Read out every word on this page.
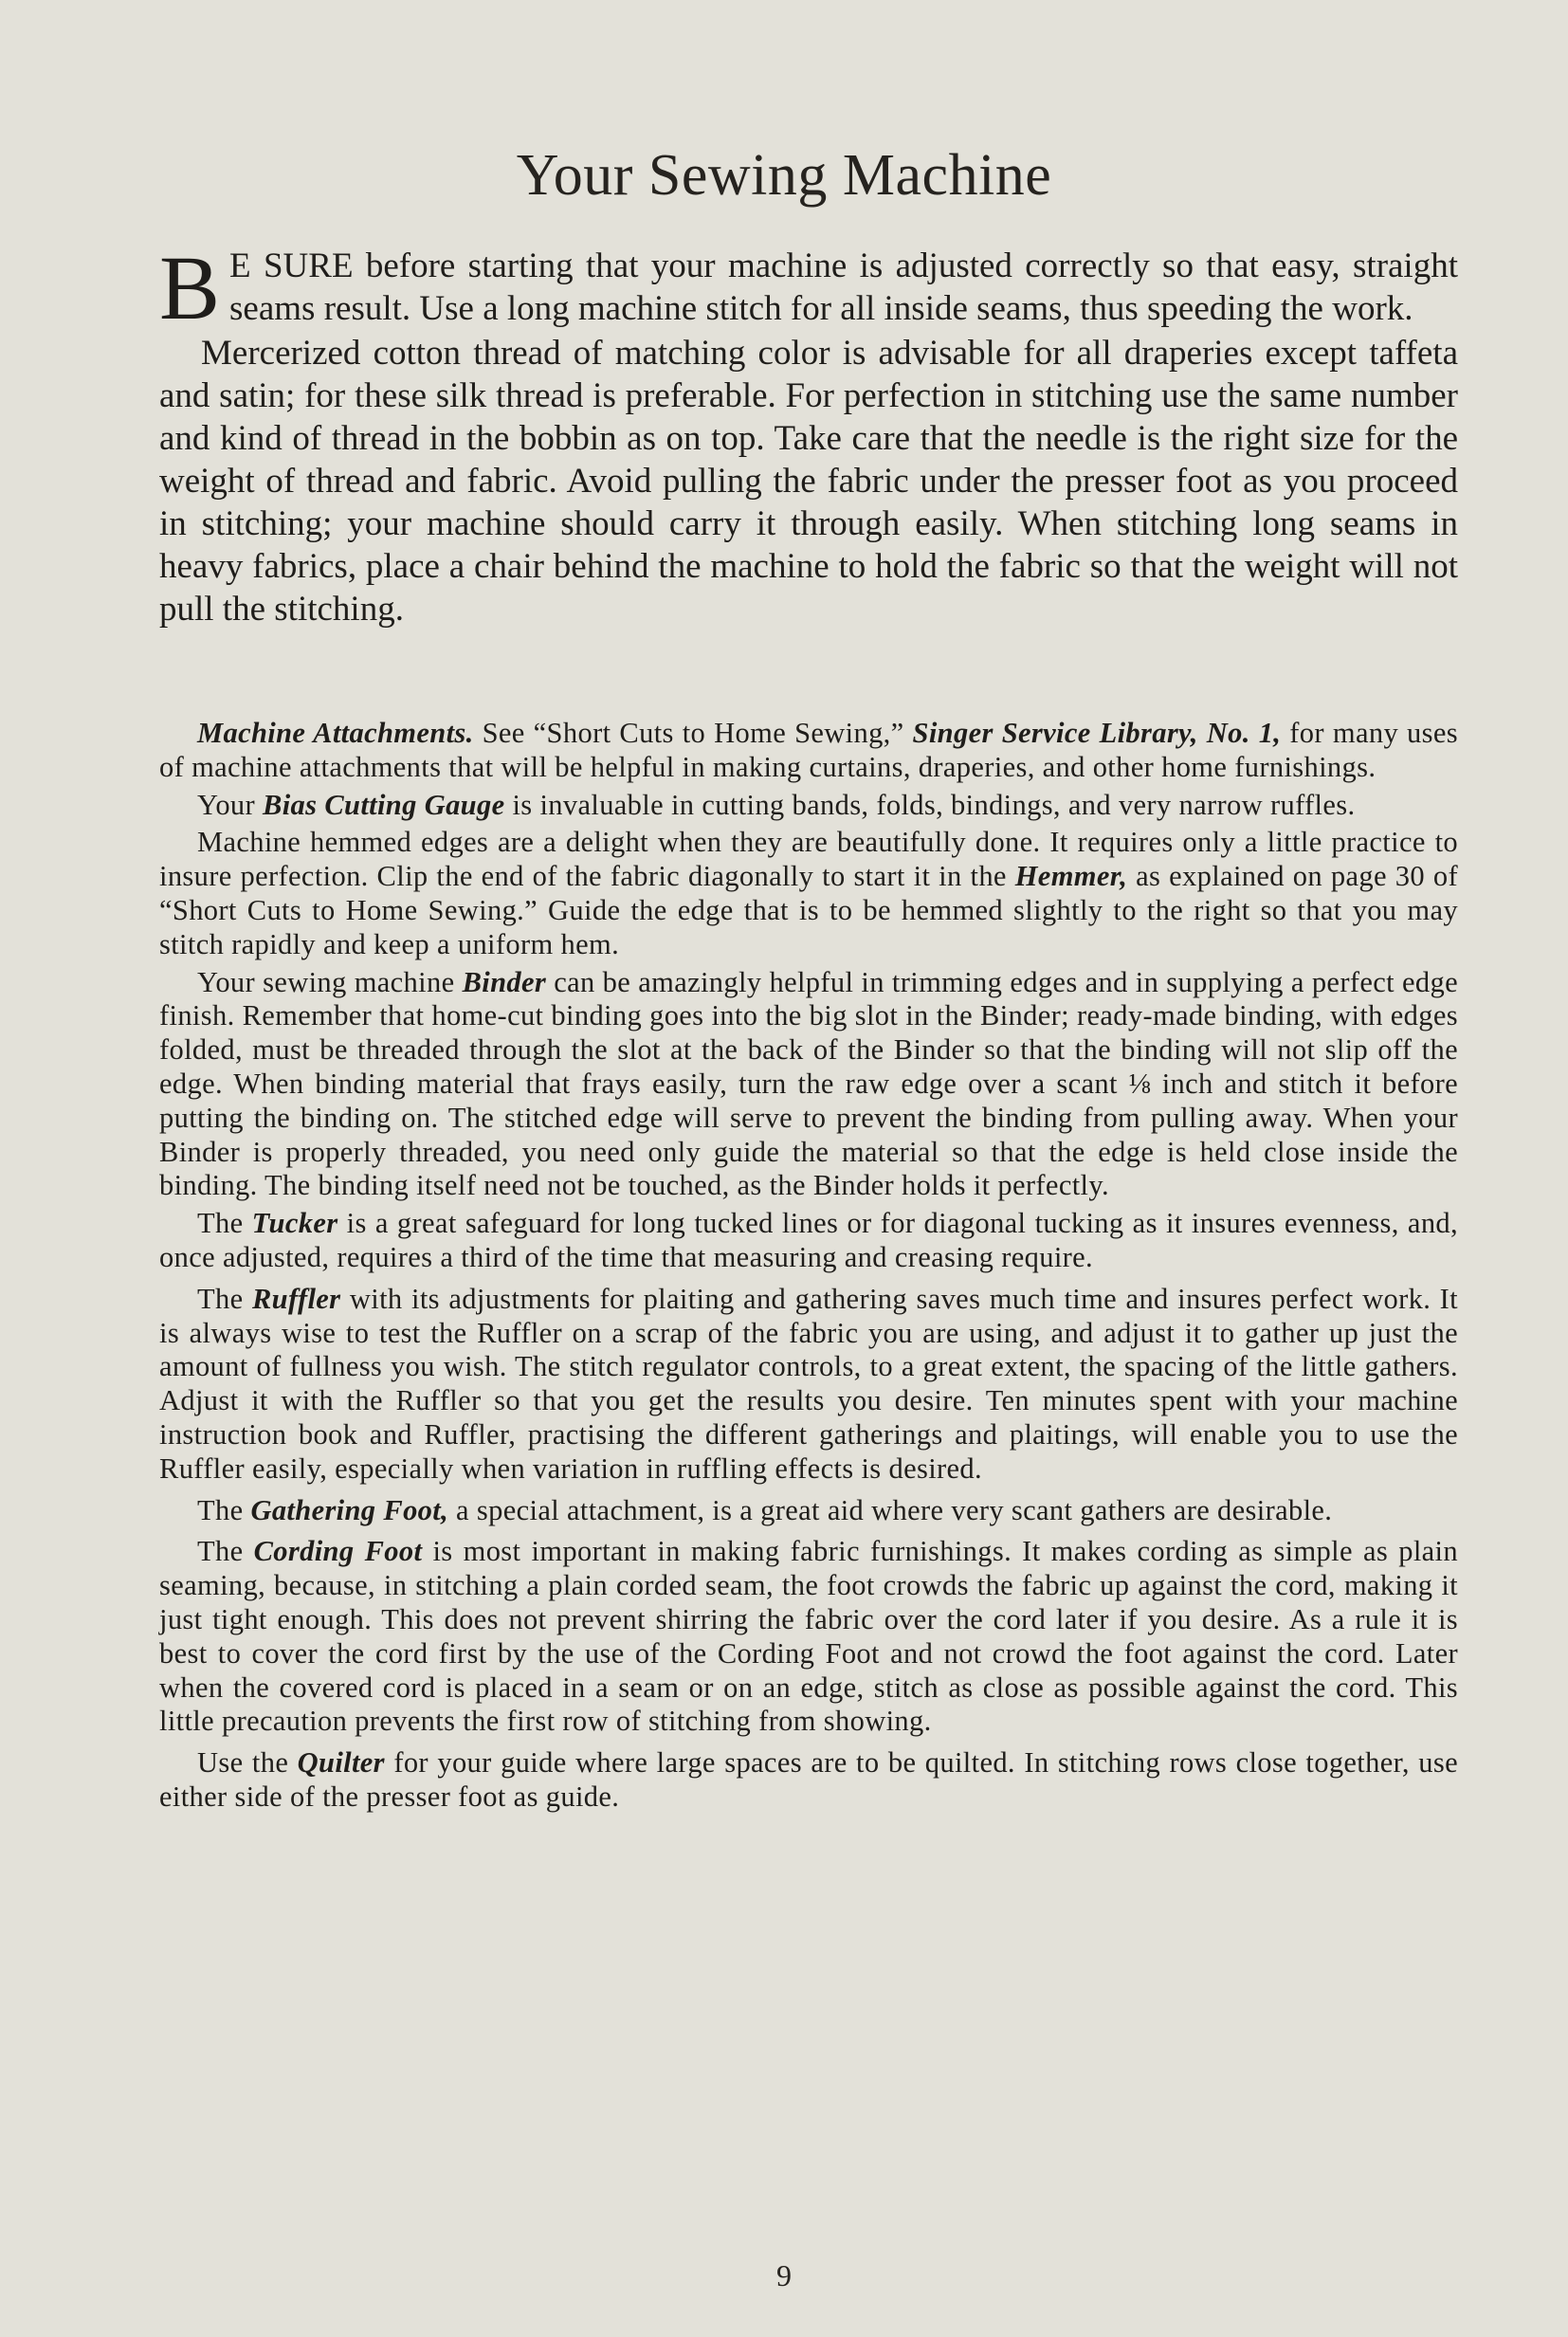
Your Sewing Machine

B E SURE before starting that your machine is adjusted correctly so that easy, straight seams result. Use a long machine stitch for all inside seams, thus speeding the work.

Mercerized cotton thread of matching color is advisable for all draperies except taffeta and satin; for these silk thread is preferable. For perfection in stitching use the same number and kind of thread in the bobbin as on top. Take care that the needle is the right size for the weight of thread and fabric. Avoid pulling the fabric under the presser foot as you proceed in stitching; your machine should carry it through easily. When stitching long seams in heavy fabrics, place a chair behind the machine to hold the fabric so that the weight will not pull the stitching.

Machine Attachments. See “Short Cuts to Home Sewing,” Singer Service Library, No. 1, for many uses of machine attachments that will be helpful in making curtains, draperies, and other home furnishings.

Your Bias Cutting Gauge is invaluable in cutting bands, folds, bindings, and very narrow ruffles.

Machine hemmed edges are a delight when they are beautifully done. It requires only a little practice to insure perfection. Clip the end of the fabric diagonally to start it in the Hemmer, as explained on page 30 of “Short Cuts to Home Sewing.” Guide the edge that is to be hemmed slightly to the right so that you may stitch rapidly and keep a uniform hem.

Your sewing machine Binder can be amazingly helpful in trimming edges and in supplying a perfect edge finish. Remember that home-cut binding goes into the big slot in the Binder; ready-made binding, with edges folded, must be threaded through the slot at the back of the Binder so that the binding will not slip off the edge. When binding material that frays easily, turn the raw edge over a scant ⅛ inch and stitch it before putting the binding on. The stitched edge will serve to prevent the binding from pulling away. When your Binder is properly threaded, you need only guide the material so that the edge is held close inside the binding. The binding itself need not be touched, as the Binder holds it perfectly.

The Tucker is a great safeguard for long tucked lines or for diagonal tucking as it insures evenness, and, once adjusted, requires a third of the time that measuring and creasing require.

The Ruffler with its adjustments for plaiting and gathering saves much time and insures perfect work. It is always wise to test the Ruffler on a scrap of the fabric you are using, and adjust it to gather up just the amount of fullness you wish. The stitch regulator controls, to a great extent, the spacing of the little gathers. Adjust it with the Ruffler so that you get the results you desire. Ten minutes spent with your machine instruction book and Ruffler, practising the different gatherings and plaitings, will enable you to use the Ruffler easily, especially when variation in ruffling effects is desired.

The Gathering Foot, a special attachment, is a great aid where very scant gathers are desirable.

The Cording Foot is most important in making fabric furnishings. It makes cording as simple as plain seaming, because, in stitching a plain corded seam, the foot crowds the fabric up against the cord, making it just tight enough. This does not prevent shirring the fabric over the cord later if you desire. As a rule it is best to cover the cord first by the use of the Cording Foot and not crowd the foot against the cord. Later when the covered cord is placed in a seam or on an edge, stitch as close as possible against the cord. This little precaution prevents the first row of stitching from showing.

Use the Quilter for your guide where large spaces are to be quilted. In stitching rows close together, use either side of the presser foot as guide.

9
